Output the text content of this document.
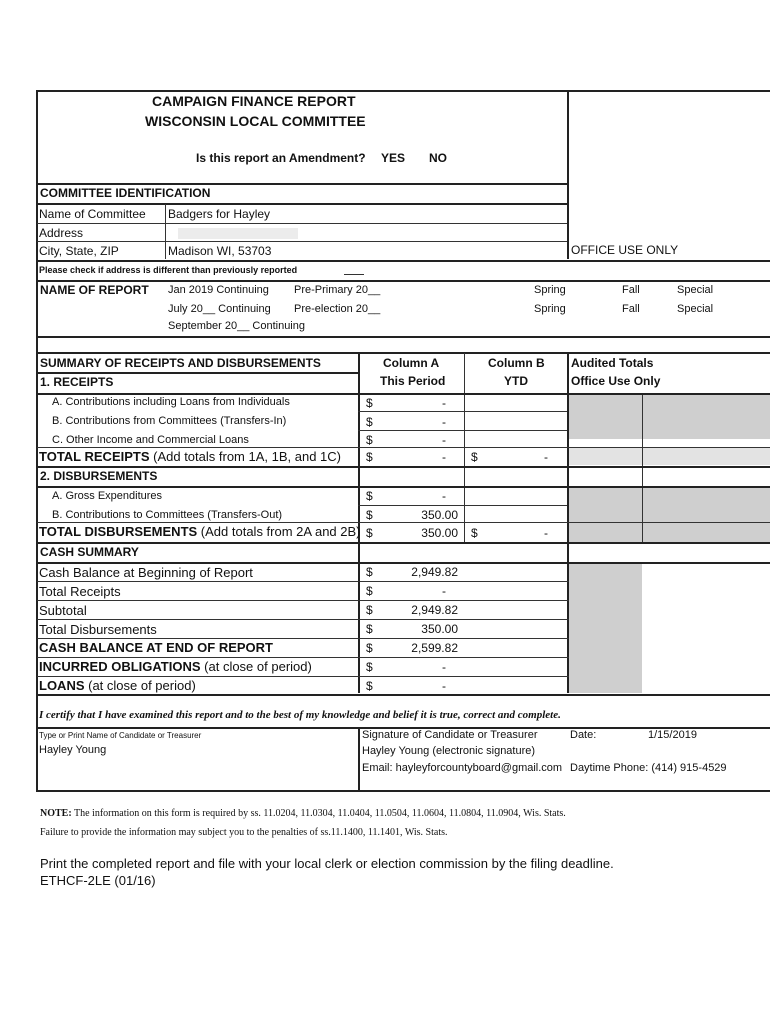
CAMPAIGN FINANCE REPORT
WISCONSIN LOCAL COMMITTEE
Is this report an Amendment? YES NO
OFFICE USE ONLY
COMMITTEE IDENTIFICATION
Name of Committee Badgers for Hayley
Address
City, State, ZIP	Madison WI, 53703
Please check if address is different than previously reported
NAME OF REPORT Jan 2019 Continuing Pre-Primary 20__	Spring	Fall	Special
July 20__ Continuing Pre-election 20__	Spring	Fall	Special
September 20__ Continuing
SUMMARY OF RECEIPTS AND DISBURSEMENTS	Column A
This Period
Column B
YTD
Audited Totals
Office Use Only
1. RECEIPTS
A. Contributions including Loans from Individuals	$	-
B. Contributions from Committees (Transfers-In)	$	-
C. Other Income and Commercial Loans	$	-
TOTAL RECEIPTS (Add totals from 1A, 1B, and 1C) $	- $	-
2. DISBURSEMENTS
A. Gross Expenditures	$	-
B. Contributions to Committees (Transfers-Out)	$	350.00
TOTAL DISBURSEMENTS (Add totals from 2A and 2B) $	350.00 $	-
CASH SUMMARY
Cash Balance at Beginning of Report	$	2,949.82
Total Receipts	$	-
Subtotal	$	2,949.82
Total Disbursements	$	350.00
CASH BALANCE AT END OF REPORT	$	2,599.82
INCURRED OBLIGATIONS (at close of period)	$	-
LOANS (at close of period)	$	-
I certify that I have examined this report and to the best of my knowledge and belief it is true, correct and complete.
Type or Print Name of Candidate or Treasurer
Hayley Young
Signature of Candidate or Treasurer
Hayley Young (electronic signature)
Email: hayleyforcountyboard@gmail.com
Date:	1/15/2019
Daytime Phone: (414) 915-4529
NOTE: The information on this form is required by ss. 11.0204, 11.0304, 11.0404, 11.0504, 11.0604, 11.0804, 11.0904, Wis. Stats.
Failure to provide the information may subject you to the penalties of ss.11.1400, 11.1401, Wis. Stats.
Print the completed report and file with your local clerk or election commission by the filing deadline.
ETHCF-2LE (01/16)
